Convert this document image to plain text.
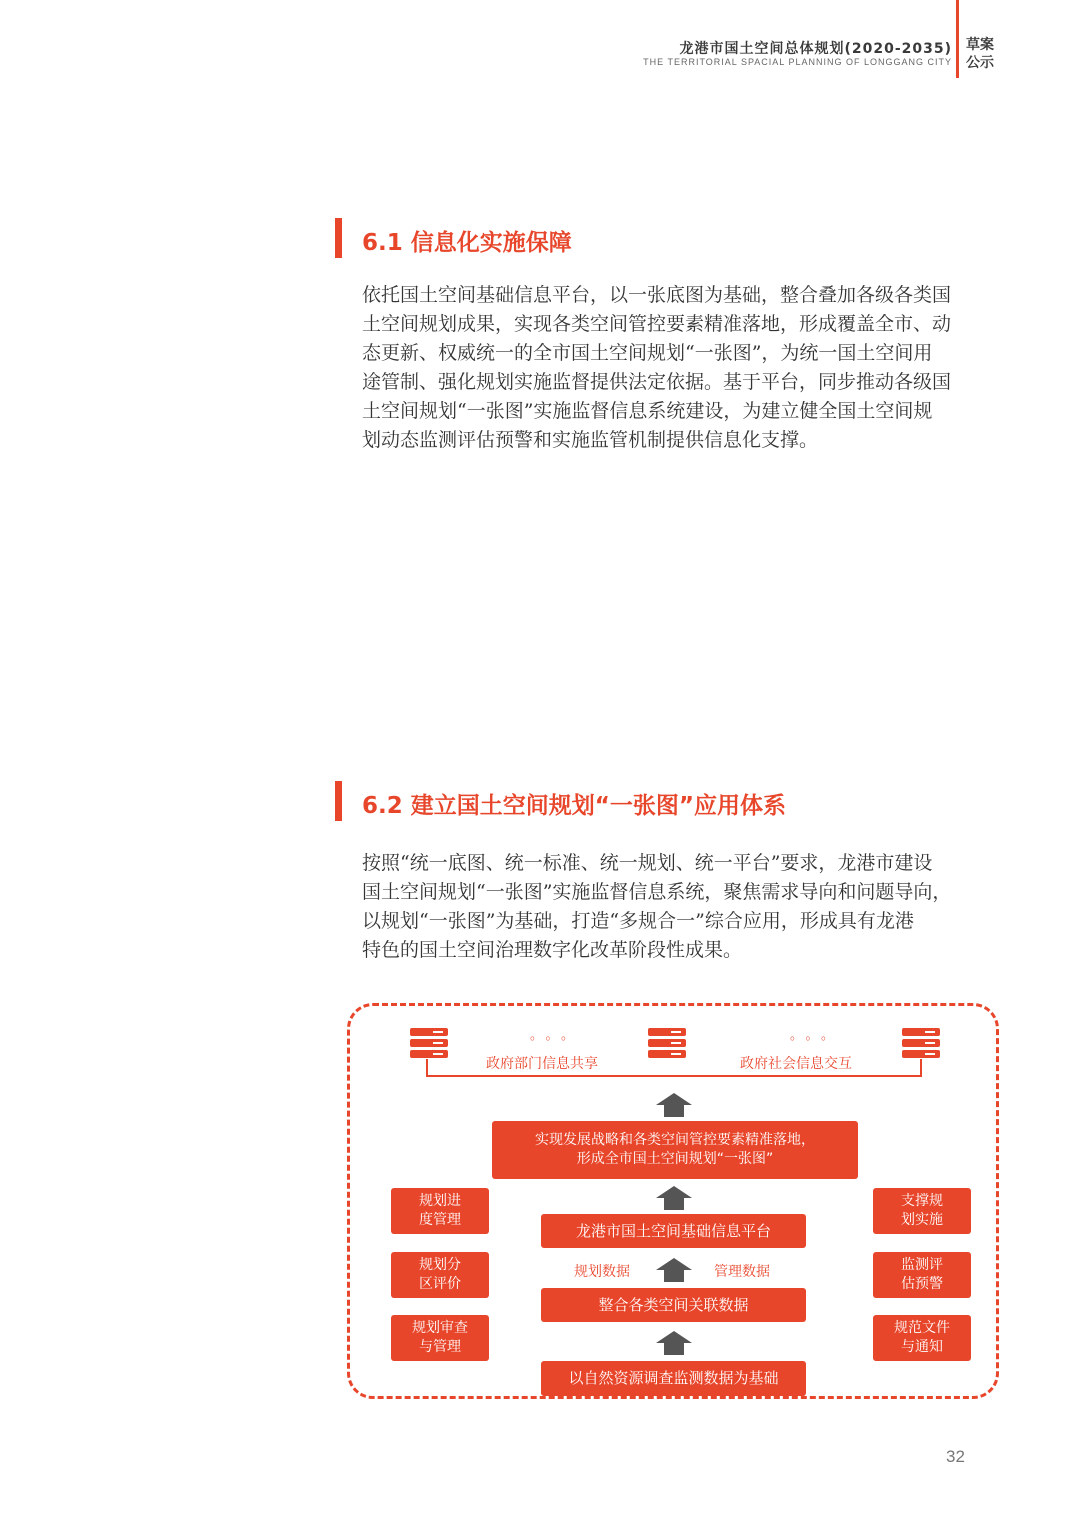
龙港市国土空间总体规划(2020-2035)
THE TERRITORIAL SPACIAL PLANNING OF LONGGANG CITY
草案
公示
6.1 信息化实施保障
依托国土空间基础信息平台，以一张底图为基础，整合叠加各级各类国
土空间规划成果，实现各类空间管控要素精准落地，形成覆盖全市、动
态更新、权威统一的全市国土空间规划“一张图”，为统一国土空间用
途管制、强化规划实施监督提供法定依据。基于平台，同步推动各级国
土空间规划“一张图”实施监督信息系统建设，为建立健全国土空间规
划动态监测评估预警和实施监管机制提供信息化支撑。
6.2 建立国土空间规划“一张图”应用体系
按照“统一底图、统一标准、统一规划、统一平台”要求，龙港市建设
国土空间规划“一张图”实施监督信息系统，聚焦需求导向和问题导向，
以规划“一张图”为基础，打造“多规合一”综合应用，形成具有龙港
特色的国土空间治理数字化改革阶段性成果。
。。。	。。。
政府部门信息共享	政府社会信息交互
实现发展战略和各类空间管控要素精准落地，
形成全市国土空间规划“一张图”
龙港市国土空间基础信息平台
规划数据	管理数据
整合各类空间关联数据
以自然资源调查监测数据为基础
规划进
度管理
规划分
区评价
规划审查
与管理
支撑规
划实施
监测评
估预警
规范文件
与通知
32
